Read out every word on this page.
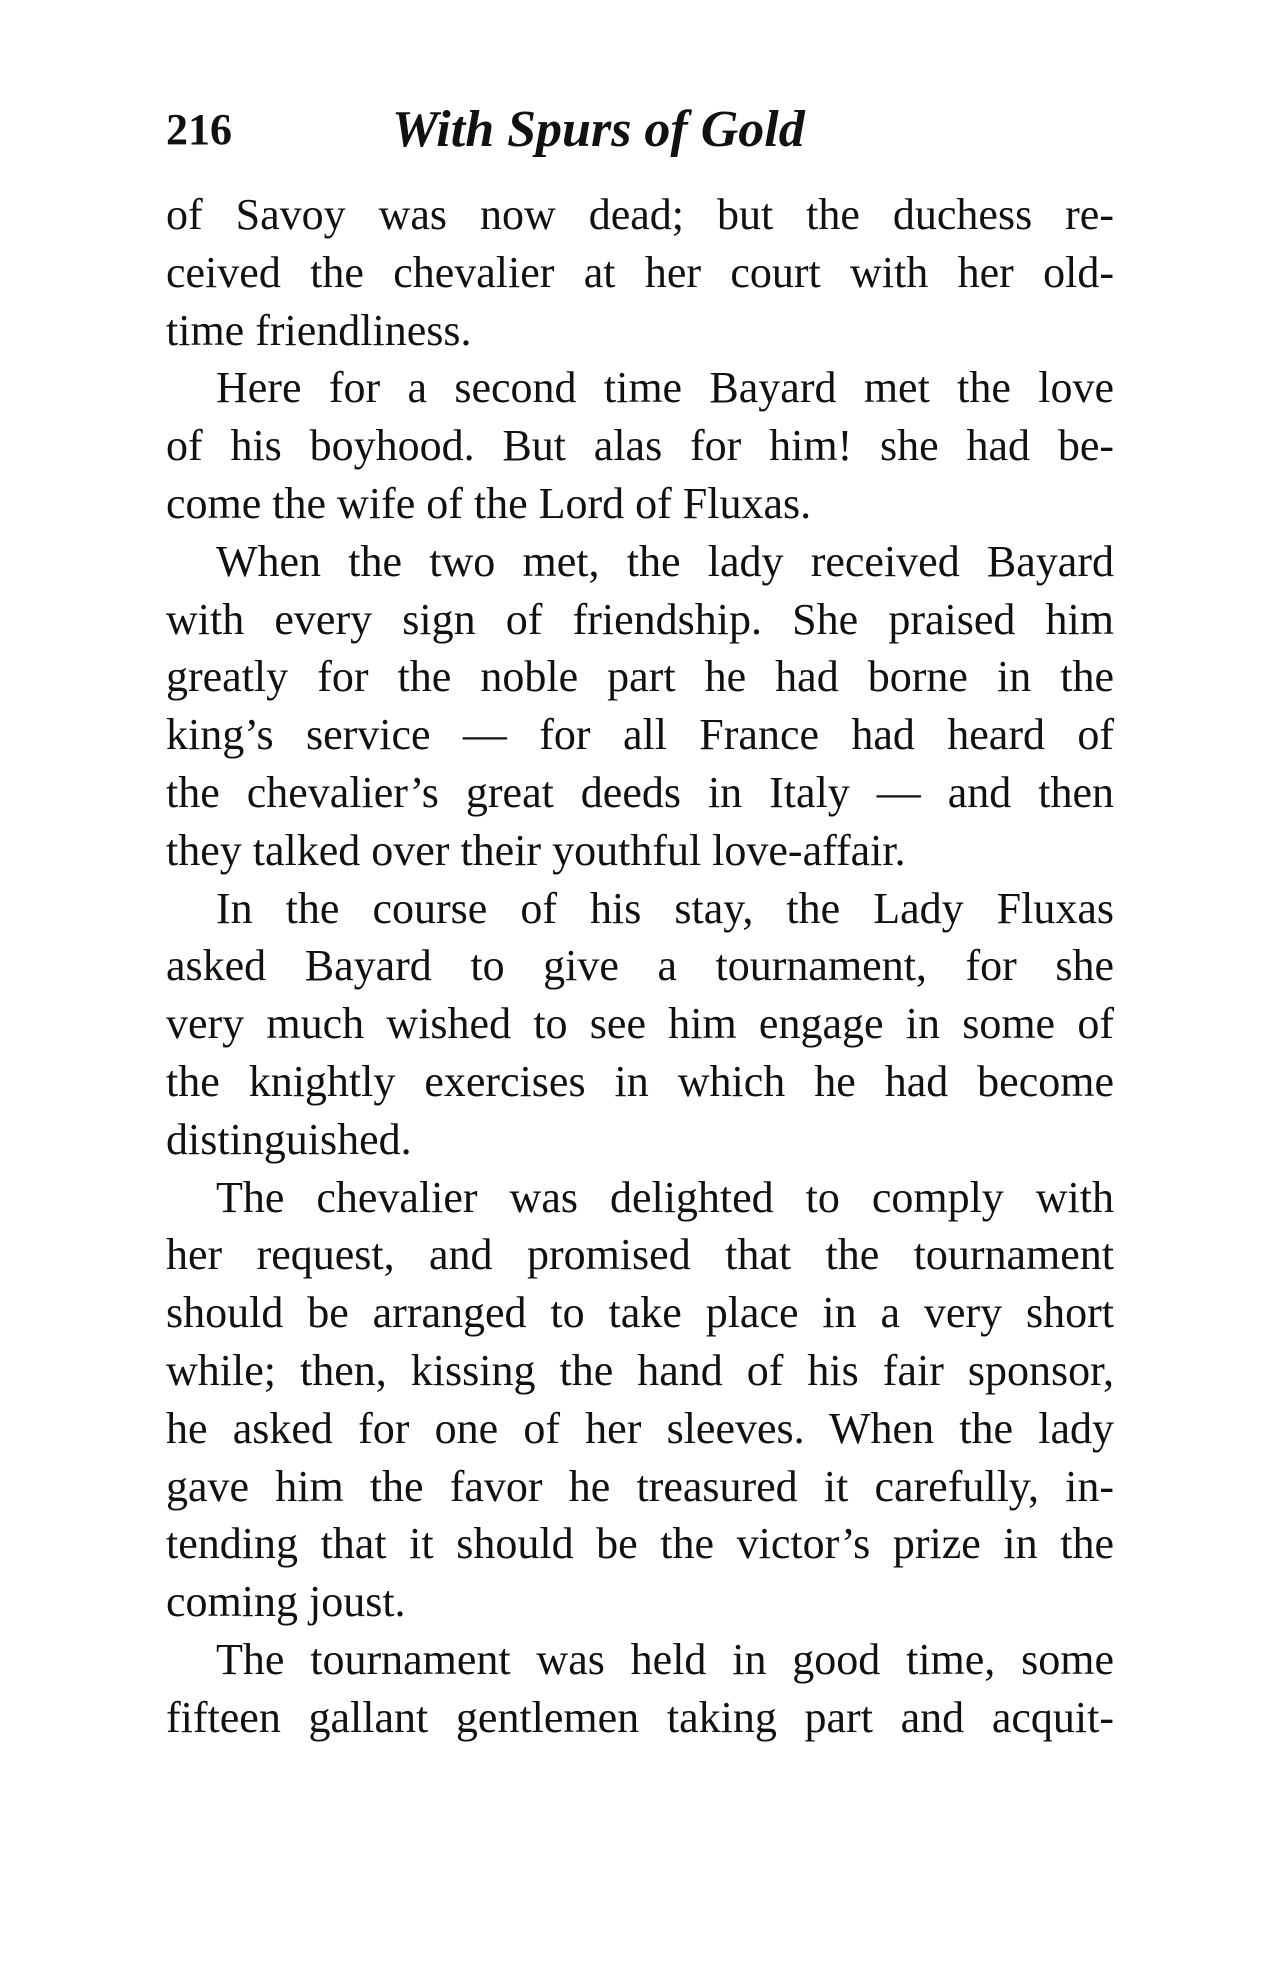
216	With Spurs of Gold
of Savoy was now dead; but the duchess re-
ceived the chevalier at her court with her old-
time friendliness.
Here for a second time Bayard met the love
of his boyhood. But alas for him! she had be-
come the wife of the Lord of Fluxas.
When the two met, the lady received Bayard
with every sign of friendship. She praised him
greatly for the noble part he had borne in the
king’s service — for all France had heard of
the chevalier’s great deeds in Italy — and then
they talked over their youthful love-affair.
In the course of his stay, the Lady Fluxas
asked Bayard to give a tournament, for she
very much wished to see him engage in some of
the knightly exercises in which he had become
distinguished.
The chevalier was delighted to comply with
her request, and promised that the tournament
should be arranged to take place in a very short
while; then, kissing the hand of his fair sponsor,
he asked for one of her sleeves. When the lady
gave him the favor he treasured it carefully, in-
tending that it should be the victor’s prize in the
coming joust.
The tournament was held in good time, some
fifteen gallant gentlemen taking part and acquit-
